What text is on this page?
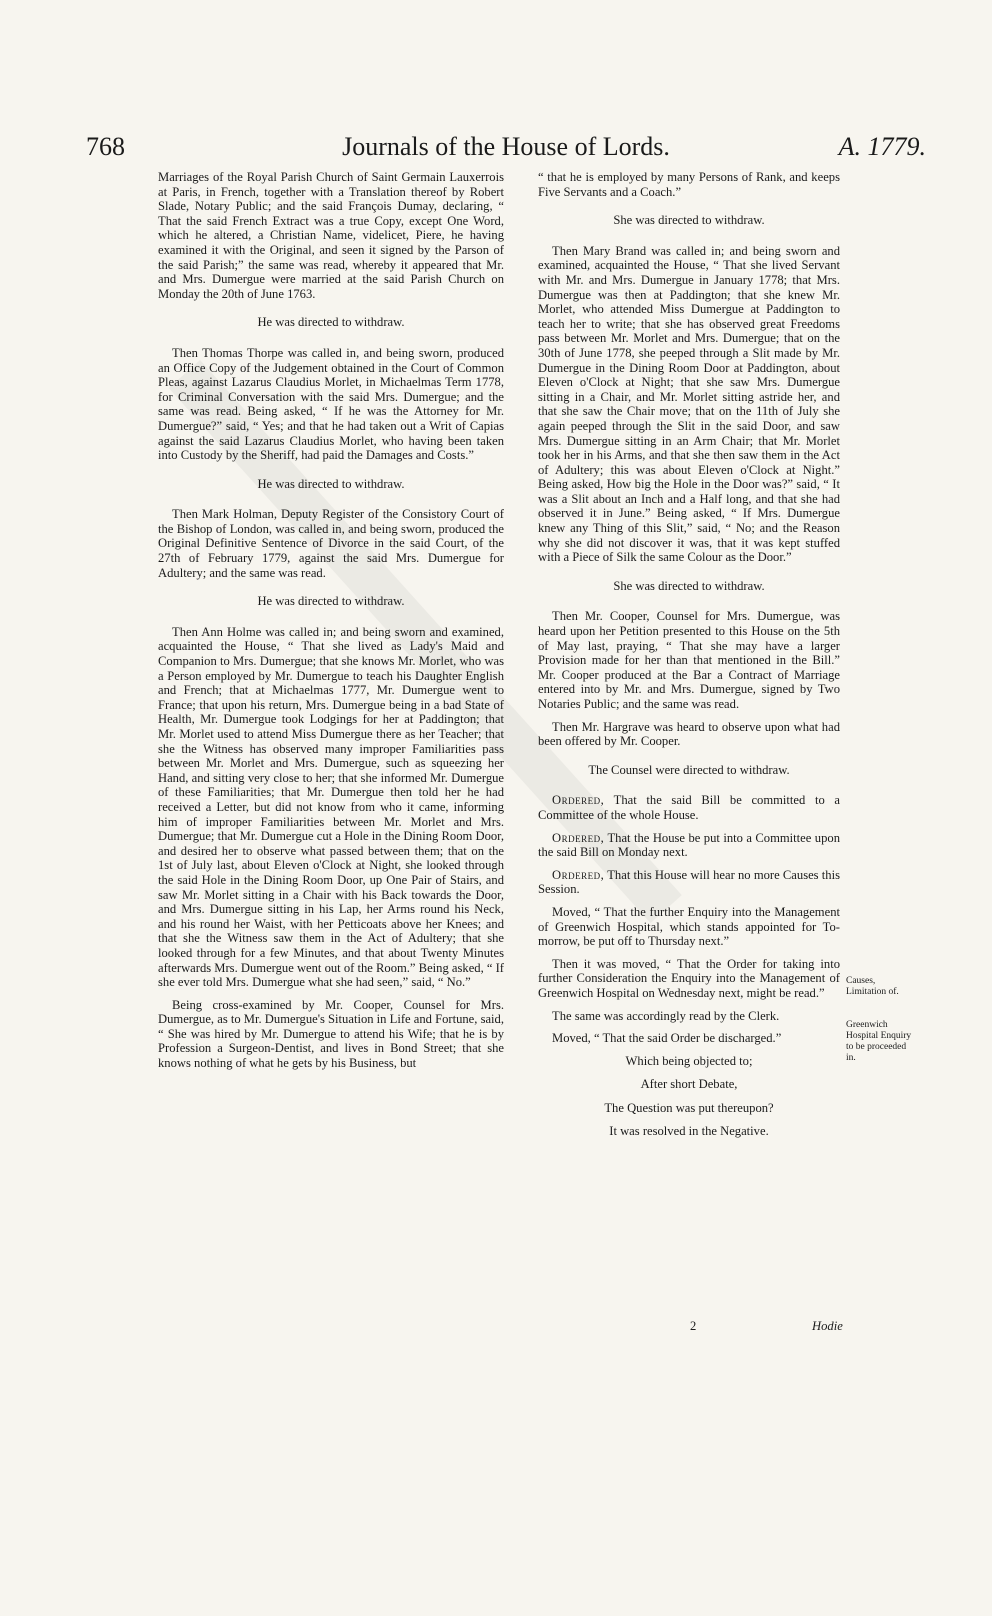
768	Journals of the House of Lords.	A. 1779.

Marriages of the Royal Parish Church of Saint Germain Lauxerrois at Paris, in French, together with a Translation thereof by Robert Slade, Notary Public; and the said François Dumay, declaring, “ That the said French Extract was a true Copy, except One Word, which he altered, a Christian Name, videlicet, Piere, he having examined it with the Original, and seen it signed by the Parson of the said Parish;” the same was read, whereby it appeared that Mr. and Mrs. Dumergue were married at the said Parish Church on Monday the 20th of June 1763.

He was directed to withdraw.

Then Thomas Thorpe was called in, and being sworn, produced an Office Copy of the Judgement obtained in the Court of Common Pleas, against Lazarus Claudius Morlet, in Michaelmas Term 1778, for Criminal Conversation with the said Mrs. Dumergue; and the same was read. Being asked, “ If he was the Attorney for Mr. Dumergue?” said, “ Yes; and that he had taken out a Writ of Capias against the said Lazarus Claudius Morlet, who having been taken into Custody by the Sheriff, had paid the Damages and Costs.”

He was directed to withdraw.

Then Mark Holman, Deputy Register of the Consistory Court of the Bishop of London, was called in, and being sworn, produced the Original Definitive Sentence of Divorce in the said Court, of the 27th of February 1779, against the said Mrs. Dumergue for Adultery; and the same was read.

He was directed to withdraw.

Then Ann Holme was called in; and being sworn and examined, acquainted the House, “ That she lived as Lady's Maid and Companion to Mrs. Dumergue; that she knows Mr. Morlet, who was a Person employed by Mr. Dumergue to teach his Daughter English and French; that at Michaelmas 1777, Mr. Dumergue went to France; that upon his return, Mrs. Dumergue being in a bad State of Health, Mr. Dumergue took Lodgings for her at Paddington; that Mr. Morlet used to attend Miss Dumergue there as her Teacher; that she the Witness has observed many improper Familiarities pass between Mr. Morlet and Mrs. Dumergue, such as squeezing her Hand, and sitting very close to her; that she informed Mr. Dumergue of these Familiarities; that Mr. Dumergue then told her he had received a Letter, but did not know from who it came, informing him of improper Familiarities between Mr. Morlet and Mrs. Dumergue; that Mr. Dumergue cut a Hole in the Dining Room Door, and desired her to observe what passed between them; that on the 1st of July last, about Eleven o'Clock at Night, she looked through the said Hole in the Dining Room Door, up One Pair of Stairs, and saw Mr. Morlet sitting in a Chair with his Back towards the Door, and Mrs. Dumergue sitting in his Lap, her Arms round his Neck, and his round her Waist, with her Petticoats above her Knees; and that she the Witness saw them in the Act of Adultery; that she looked through for a few Minutes, and that about Twenty Minutes afterwards Mrs. Dumergue went out of the Room.” Being asked, “ If she ever told Mrs. Dumergue what she had seen,” said, “ No.”

Being cross-examined by Mr. Cooper, Counsel for Mrs. Dumergue, as to Mr. Dumergue's Situation in Life and Fortune, said, “ She was hired by Mr. Dumergue to attend his Wife; that he is by Profession a Surgeon-Dentist, and lives in Bond Street; that she knows nothing of what he gets by his Business, but

“ that he is employed by many Persons of Rank, and keeps Five Servants and a Coach.”

She was directed to withdraw.

Then Mary Brand was called in; and being sworn and examined, acquainted the House, “ That she lived Servant with Mr. and Mrs. Dumergue in January 1778; that Mrs. Dumergue was then at Paddington; that she knew Mr. Morlet, who attended Miss Dumergue at Paddington to teach her to write; that she has observed great Freedoms pass between Mr. Morlet and Mrs. Dumergue; that on the 30th of June 1778, she peeped through a Slit made by Mr. Dumergue in the Dining Room Door at Paddington, about Eleven o'Clock at Night; that she saw Mrs. Dumergue sitting in a Chair, and Mr. Morlet sitting astride her, and that she saw the Chair move; that on the 11th of July she again peeped through the Slit in the said Door, and saw Mrs. Dumergue sitting in an Arm Chair; that Mr. Morlet took her in his Arms, and that she then saw them in the Act of Adultery; this was about Eleven o'Clock at Night.” Being asked, How big the Hole in the Door was?” said, “ It was a Slit about an Inch and a Half long, and that she had observed it in June.” Being asked, “ If Mrs. Dumergue knew any Thing of this Slit,” said, “ No; and the Reason why she did not discover it was, that it was kept stuffed with a Piece of Silk the same Colour as the Door.”

She was directed to withdraw.

Then Mr. Cooper, Counsel for Mrs. Dumergue, was heard upon her Petition presented to this House on the 5th of May last, praying, “ That she may have a larger Provision made for her than that mentioned in the Bill.” Mr. Cooper produced at the Bar a Contract of Marriage entered into by Mr. and Mrs. Dumergue, signed by Two Notaries Public; and the same was read.

Then Mr. Hargrave was heard to observe upon what had been offered by Mr. Cooper.

The Counsel were directed to withdraw.

Ordered, That the said Bill be committed to a Committee of the whole House.

Ordered, That the House be put into a Committee upon the said Bill on Monday next.

Ordered, That this House will hear no more Causes this Session.

Moved, “ That the further Enquiry into the Management of Greenwich Hospital, which stands appointed for To-morrow, be put off to Thursday next.”

Then it was moved, “ That the Order for taking into further Consideration the Enquiry into the Management of Greenwich Hospital on Wednesday next, might be read.”

The same was accordingly read by the Clerk.

Moved, “ That the said Order be discharged.”

Which being objected to;

After short Debate,

The Question was put thereupon?

It was resolved in the Negative.

Causes, Limitation of.
Greenwich Hospital Enquiry to be proceeded in.
2	Hodie
